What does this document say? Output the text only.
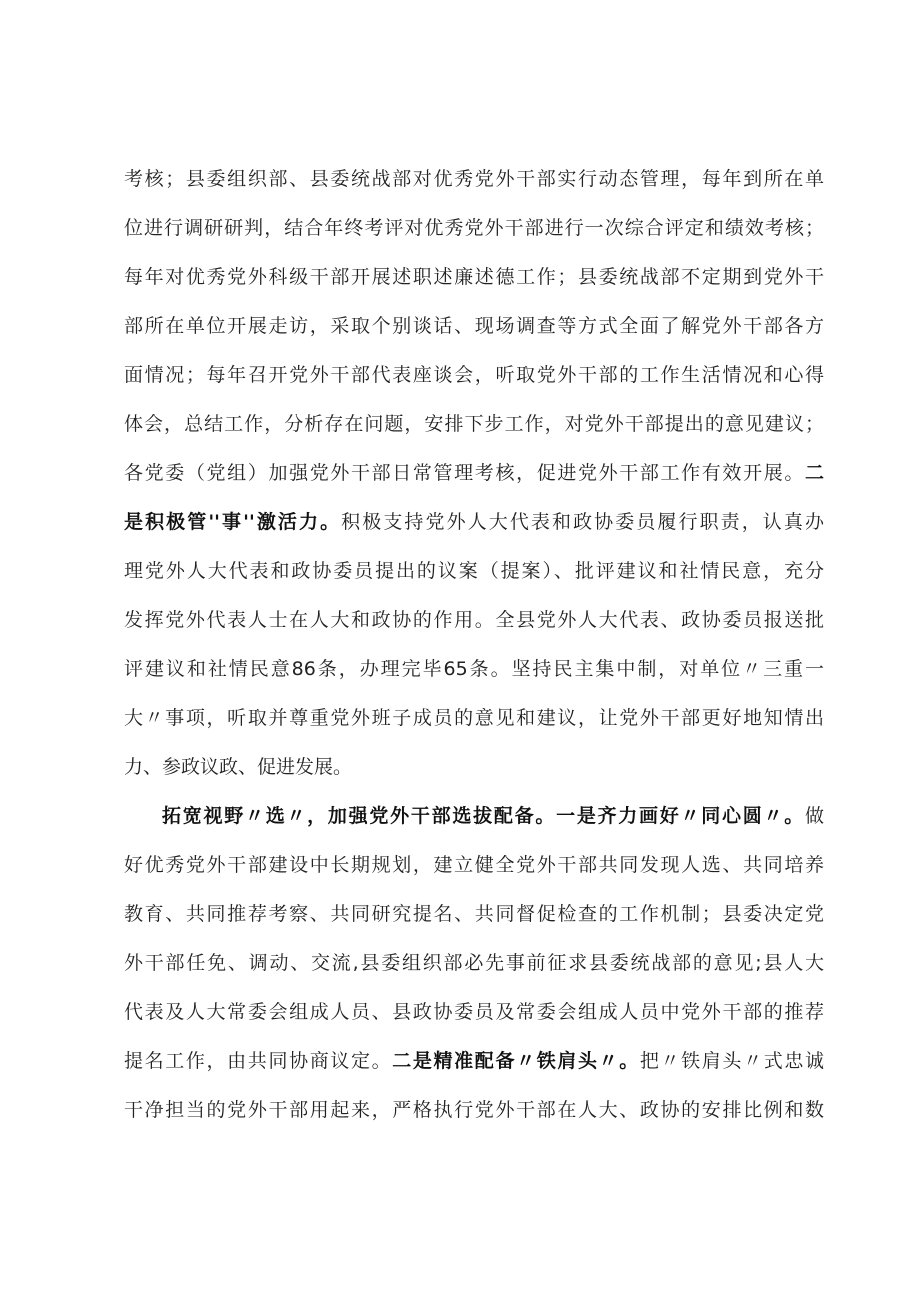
考核；县委组织部、县委统战部对优秀党外干部实行动态管理，每年到所在单
位进行调研研判，结合年终考评对优秀党外干部进行一次综合评定和绩效考核；
每年对优秀党外科级干部开展述职述廉述德工作；县委统战部不定期到党外干
部所在单位开展走访，采取个别谈话、现场调查等方式全面了解党外干部各方
面情况；每年召开党外干部代表座谈会，听取党外干部的工作生活情况和心得
体会，总结工作，分析存在问题，安排下步工作，对党外干部提出的意见建议；
各党委（党组）加强党外干部日常管理考核，促进党外干部工作有效开展。二
是积极管''事''激活力。积极支持党外人大代表和政协委员履行职责，认真办
理党外人大代表和政协委员提出的议案（提案）、批评建议和社情民意，充分
发挥党外代表人士在人大和政协的作用。全县党外人大代表、政协委员报送批
评建议和社情民意86条，办理完毕65条。坚持民主集中制，对单位〃三重一
大〃事项，听取并尊重党外班子成员的意见和建议，让党外干部更好地知情出
力、参政议政、促进发展。
拓宽视野〃选〃，加强党外干部选拔配备。一是齐力画好〃同心圆〃。做
好优秀党外干部建设中长期规划，建立健全党外干部共同发现人选、共同培养
教育、共同推荐考察、共同研究提名、共同督促检查的工作机制；县委决定党
外干部任免、调动、交流,县委组织部必先事前征求县委统战部的意见;县人大
代表及人大常委会组成人员、县政协委员及常委会组成人员中党外干部的推荐
提名工作，由共同协商议定。二是精准配备〃铁肩头〃。把〃铁肩头〃式忠诚
干净担当的党外干部用起来，严格执行党外干部在人大、政协的安排比例和数
